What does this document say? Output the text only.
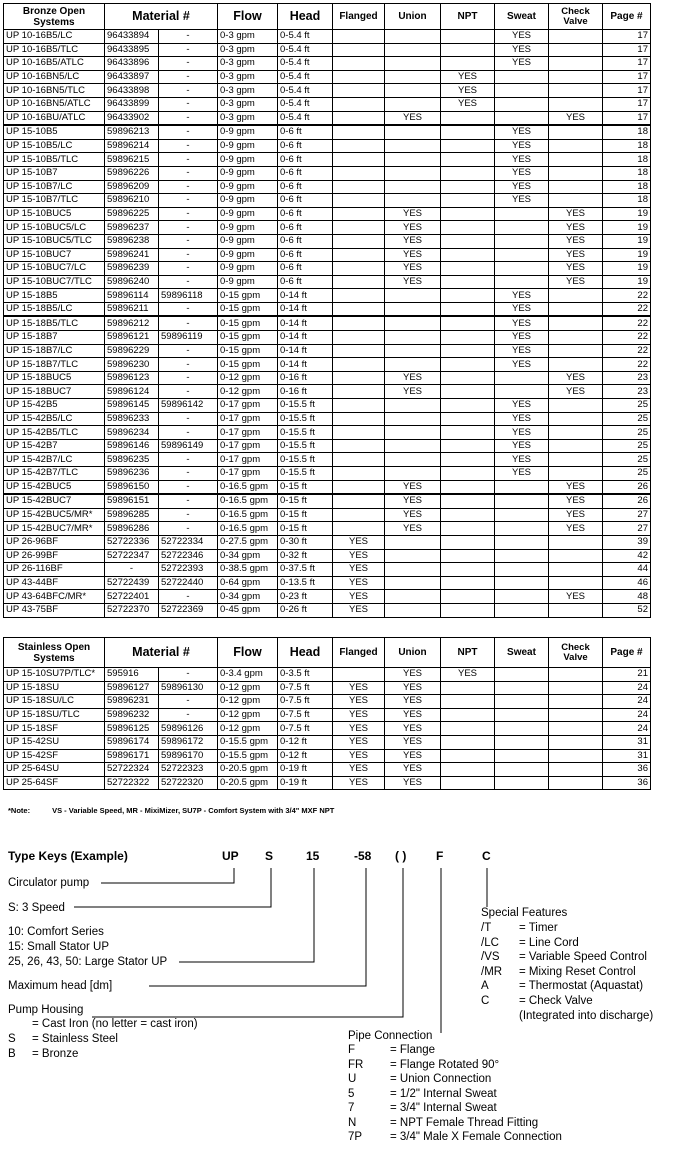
Bronze Open Systems	Material #		Flow	Head	Flanged	Union	NPT	Sweat	Check Valve	Page #
UP 10-16B5/LC	96433894	-	0-3 gpm	0-5.4 ft				YES		17
UP 10-16B5/TLC	96433895	-	0-3 gpm	0-5.4 ft				YES		17
UP 10-16B5/ATLC	96433896	-	0-3 gpm	0-5.4 ft				YES		17
UP 10-16BN5/LC	96433897	-	0-3 gpm	0-5.4 ft			YES			17
UP 10-16BN5/TLC	96433898	-	0-3 gpm	0-5.4 ft			YES			17
UP 10-16BN5/ATLC	96433899	-	0-3 gpm	0-5.4 ft			YES			17
UP 10-16BU/ATLC	96433902	-	0-3 gpm	0-5.4 ft		YES			YES	17
UP 15-10B5	59896213	-	0-9 gpm	0-6 ft				YES		18
UP 15-10B5/LC	59896214	-	0-9 gpm	0-6 ft				YES		18
UP 15-10B5/TLC	59896215	-	0-9 gpm	0-6 ft				YES		18
UP 15-10B7	59896226	-	0-9 gpm	0-6 ft				YES		18
UP 15-10B7/LC	59896209	-	0-9 gpm	0-6 ft				YES		18
UP 15-10B7/TLC	59896210	-	0-9 gpm	0-6 ft				YES		18
UP 15-10BUC5	59896225	-	0-9 gpm	0-6 ft		YES			YES	19
UP 15-10BUC5/LC	59896237	-	0-9 gpm	0-6 ft		YES			YES	19
UP 15-10BUC5/TLC	59896238	-	0-9 gpm	0-6 ft		YES			YES	19
UP 15-10BUC7	59896241	-	0-9 gpm	0-6 ft		YES			YES	19
UP 15-10BUC7/LC	59896239	-	0-9 gpm	0-6 ft		YES			YES	19
UP 15-10BUC7/TLC	59896240	-	0-9 gpm	0-6 ft		YES			YES	19
UP 15-18B5	59896114	59896118	0-15 gpm	0-14 ft				YES		22
UP 15-18B5/LC	59896211	-	0-15 gpm	0-14 ft				YES		22
UP 15-18B5/TLC	59896212	-	0-15 gpm	0-14 ft				YES		22
UP 15-18B7	59896121	59896119	0-15 gpm	0-14 ft				YES		22
UP 15-18B7/LC	59896229	-	0-15 gpm	0-14 ft				YES		22
UP 15-18B7/TLC	59896230	-	0-15 gpm	0-14 ft				YES		22
UP 15-18BUC5	59896123	-	0-12 gpm	0-16 ft		YES			YES	23
UP 15-18BUC7	59896124	-	0-12 gpm	0-16 ft		YES			YES	23
UP 15-42B5	59896145	59896142	0-17 gpm	0-15.5 ft				YES		25
UP 15-42B5/LC	59896233	-	0-17 gpm	0-15.5 ft				YES		25
UP 15-42B5/TLC	59896234	-	0-17 gpm	0-15.5 ft				YES		25
UP 15-42B7	59896146	59896149	0-17 gpm	0-15.5 ft				YES		25
UP 15-42B7/LC	59896235	-	0-17 gpm	0-15.5 ft				YES		25
UP 15-42B7/TLC	59896236	-	0-17 gpm	0-15.5 ft				YES		25
UP 15-42BUC5	59896150	-	0-16.5 gpm	0-15 ft		YES			YES	26
UP 15-42BUC7	59896151	-	0-16.5 gpm	0-15 ft		YES			YES	26
UP 15-42BUC5/MR*	59896285	-	0-16.5 gpm	0-15 ft		YES			YES	27
UP 15-42BUC7/MR*	59896286	-	0-16.5 gpm	0-15 ft		YES			YES	27
UP 26-96BF	52722336	52722334	0-27.5 gpm	0-30 ft	YES					39
UP 26-99BF	52722347	52722346	0-34 gpm	0-32 ft	YES					42
UP 26-116BF	-	52722393	0-38.5 gpm	0-37.5 ft	YES					44
UP 43-44BF	52722439	52722440	0-64 gpm	0-13.5 ft	YES					46
UP 43-64BFC/MR*	52722401	-	0-34 gpm	0-23 ft	YES				YES	48
UP 43-75BF	52722370	52722369	0-45 gpm	0-26 ft	YES					52
Stainless Open Systems	Material #		Flow	Head	Flanged	Union	NPT	Sweat	Check Valve	Page #
UP 15-10SU7P/TLC*	595916	-	0-3.4 gpm	0-3.5 ft		YES	YES			21
UP 15-18SU	59896127	59896130	0-12 gpm	0-7.5 ft	YES	YES				24
UP 15-18SU/LC	59896231	-	0-12 gpm	0-7.5 ft	YES	YES				24
UP 15-18SU/TLC	59896232	-	0-12 gpm	0-7.5 ft	YES	YES				24
UP 15-18SF	59896125	59896126	0-12 gpm	0-7.5 ft	YES	YES				24
UP 15-42SU	59896174	59896172	0-15.5 gpm	0-12 ft	YES	YES				31
UP 15-42SF	59896171	59896170	0-15.5 gpm	0-12 ft	YES	YES				31
UP 25-64SU	52722324	52722323	0-20.5 gpm	0-19 ft	YES	YES				36
UP 25-64SF	52722322	52722320	0-20.5 gpm	0-19 ft	YES	YES				36
*Note:	VS - Variable Speed, MR - MixiMizer, SU7P - Comfort System with 3/4" MXF NPT
Type Keys (Example)	UP S	15	-58 ( ) F	C
Circulator pump
S: 3 Speed
10: Comfort Series
15: Small Stator UP
25, 26, 43, 50: Large Stator UP
Maximum head [dm]
Pump Housing
= Cast Iron (no letter = cast iron)
S = Stainless Steel
B = Bronze
Special Features
/T = Timer
/LC = Line Cord
/VS = Variable Speed Control
/MR = Mixing Reset Control
A	= Thermostat (Aquastat)
C	= Check Valve
(Integrated into discharge)
Pipe Connection
F	= Flange
FR = Flange Rotated 90°
U	= Union Connection
5	= 1/2" Internal Sweat
7	= 3/4" Internal Sweat
N	= NPT Female Thread Fitting
7P = 3/4" Male X Female Connection
